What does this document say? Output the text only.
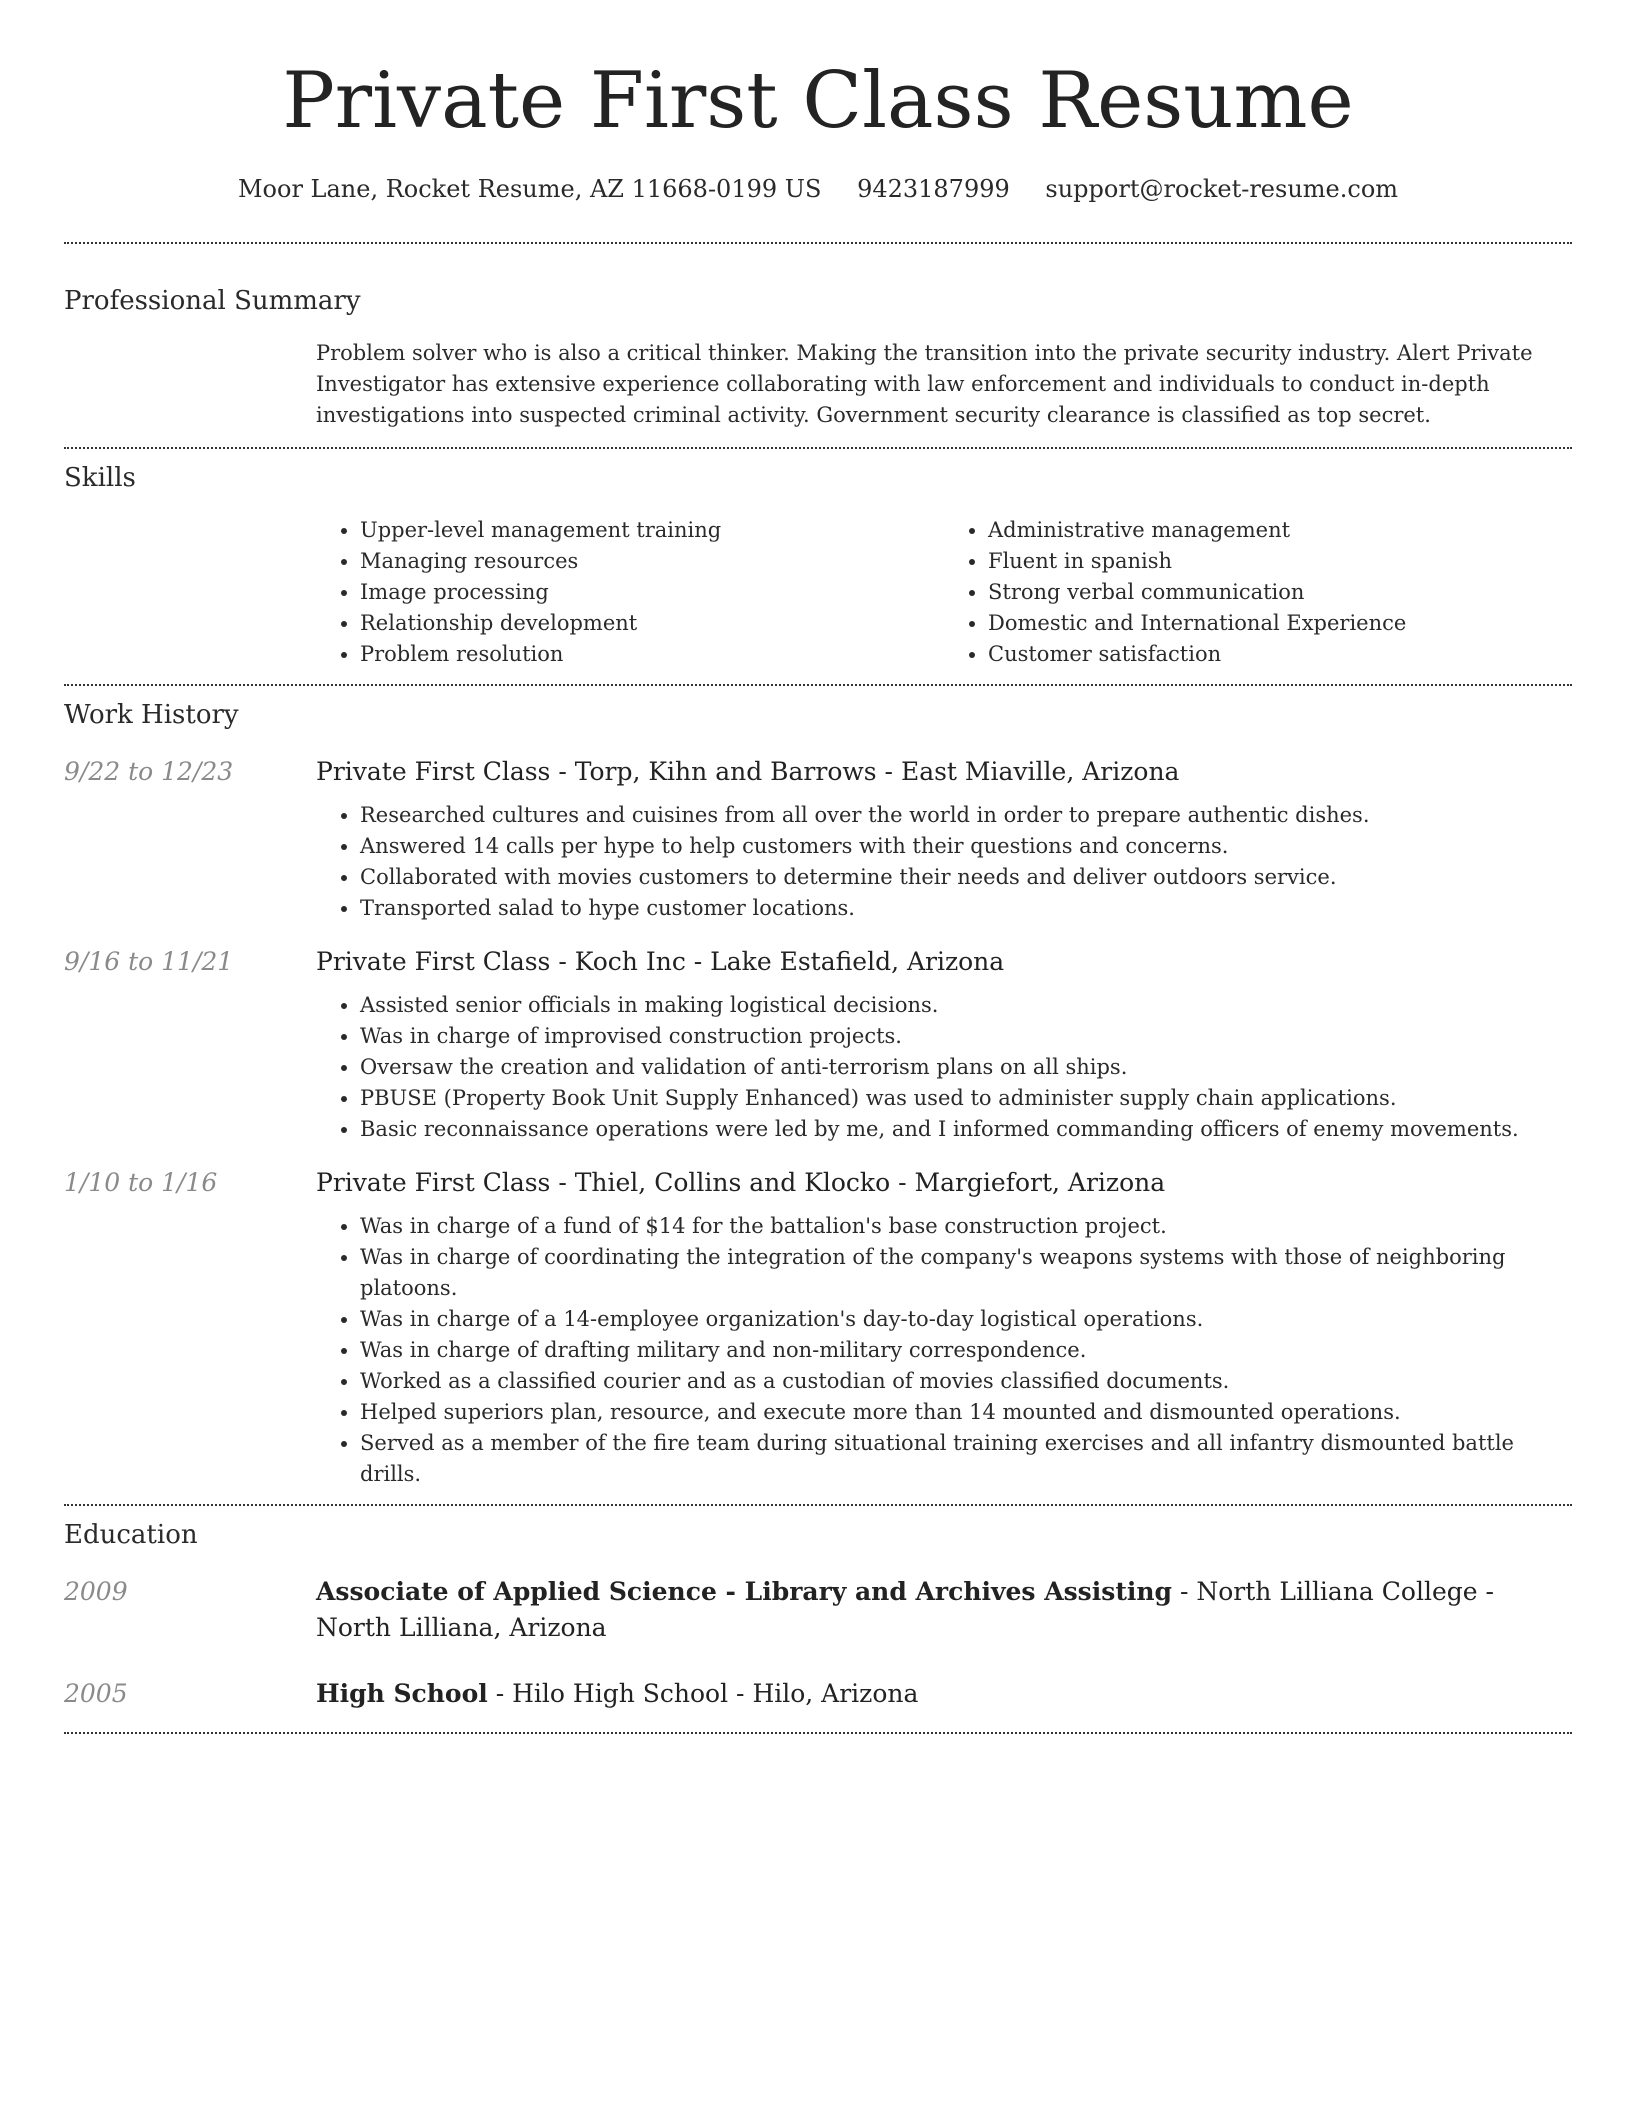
Private First Class Resume
Moor Lane, Rocket Resume, AZ 11668-0199 US 9423187999 support@rocket-resume.com
Professional Summary

Problem solver who is also a critical thinker. Making the transition into the private security industry. Alert Private Investigator has extensive experience collaborating with law enforcement and individuals to conduct in-depth investigations into suspected criminal activity. Government security clearance is classified as top secret.

Skills
• Upper-level management training
• Managing resources
• Image processing
• Relationship development
• Problem resolution
• Administrative management
• Fluent in spanish
• Strong verbal communication
• Domestic and International Experience
• Customer satisfaction
Work History
9/22 to 12/23	Private First Class - Torp, Kihn and Barrows - East Miaville, Arizona
• Researched cultures and cuisines from all over the world in order to prepare authentic dishes.
• Answered 14 calls per hype to help customers with their questions and concerns.
• Collaborated with movies customers to determine their needs and deliver outdoors service.
• Transported salad to hype customer locations.
9/16 to 11/21	Private First Class - Koch Inc - Lake Estafield, Arizona
• Assisted senior officials in making logistical decisions.
• Was in charge of improvised construction projects.
• Oversaw the creation and validation of anti-terrorism plans on all ships.
• PBUSE (Property Book Unit Supply Enhanced) was used to administer supply chain applications.
• Basic reconnaissance operations were led by me, and I informed commanding officers of enemy movements.
1/10 to 1/16	Private First Class - Thiel, Collins and Klocko - Margiefort, Arizona
• Was in charge of a fund of $14 for the battalion's base construction project.
• Was in charge of coordinating the integration of the company's weapons systems with those of neighboring platoons.
• Was in charge of a 14-employee organization's day-to-day logistical operations.
• Was in charge of drafting military and non-military correspondence.
• Worked as a classified courier and as a custodian of movies classified documents.
• Helped superiors plan, resource, and execute more than 14 mounted and dismounted operations.
• Served as a member of the fire team during situational training exercises and all infantry dismounted battle drills.
Education
2009	Associate of Applied Science - Library and Archives Assisting - North Lilliana College - North Lilliana, Arizona
2005	High School - Hilo High School - Hilo, Arizona
